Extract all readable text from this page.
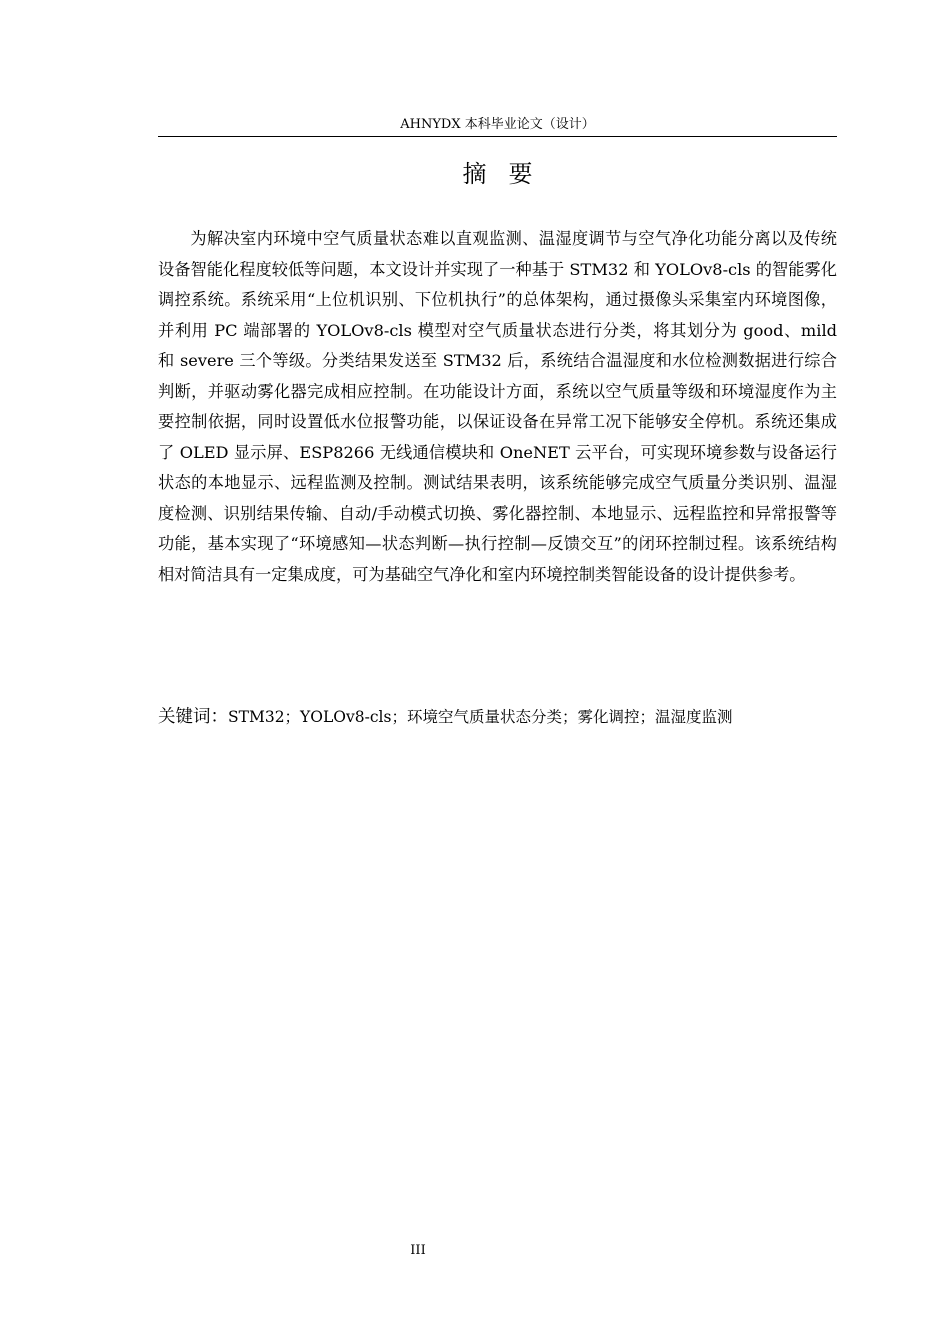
AHNYDX 本科毕业论文（设计）
摘要

为解决室内环境中空气质量状态难以直观监测、温湿度调节与空气净化功能分离以及传统设备智能化程度较低等问题，本文设计并实现了一种基于 STM32 和 YOLOv8-cls 的智能雾化调控系统。系统采用“上位机识别、下位机执行”的总体架构，通过摄像头采集室内环境图像，并利用 PC 端部署的 YOLOv8-cls 模型对空气质量状态进行分类，将其划分为 good、mild 和 severe 三个等级。分类结果发送至 STM32 后，系统结合温湿度和水位检测数据进行综合判断，并驱动雾化器完成相应控制。在功能设计方面，系统以空气质量等级和环境湿度作为主要控制依据，同时设置低水位报警功能，以保证设备在异常工况下能够安全停机。系统还集成了 OLED 显示屏、ESP8266 无线通信模块和 OneNET 云平台，可实现环境参数与设备运行状态的本地显示、远程监测及控制。测试结果表明，该系统能够完成空气质量分类识别、温湿度检测、识别结果传输、自动/手动模式切换、雾化器控制、本地显示、远程监控和异常报警等功能，基本实现了“环境感知—状态判断—执行控制—反馈交互”的闭环控制过程。该系统结构相对简洁具有一定集成度，可为基础空气净化和室内环境控制类智能设备的设计提供参考。

关键词：STM32；YOLOv8-cls；环境空气质量状态分类；雾化调控；温湿度监测

III
